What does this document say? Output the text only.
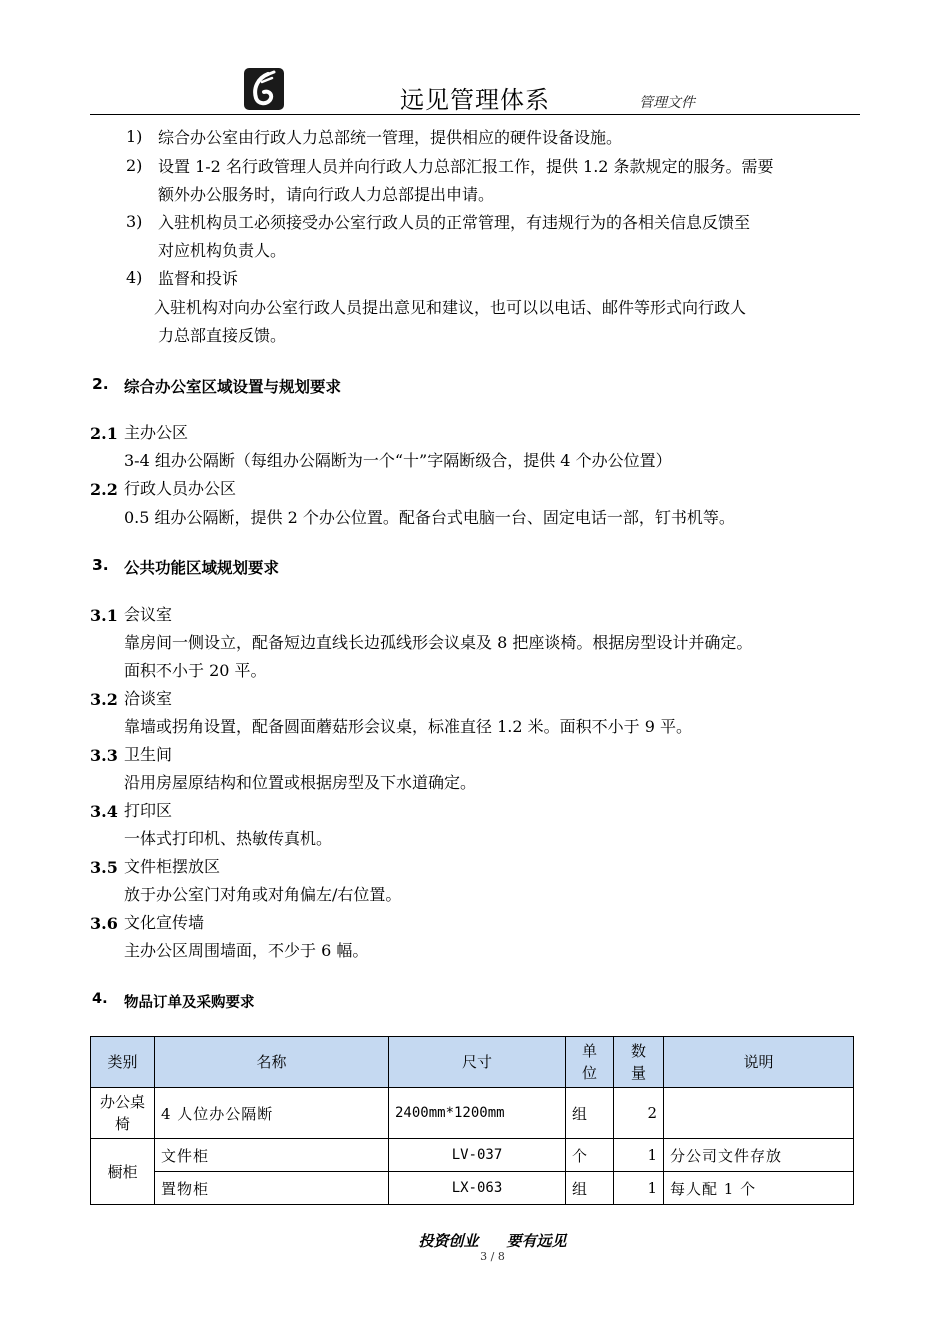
远见管理体系	管理文件
1) 综合办公室由行政人力总部统一管理，提供相应的硬件设备设施。
2) 设置 1-2 名行政管理人员并向行政人力总部汇报工作，提供 1.2 条款规定的服务。需要
额外办公服务时，请向行政人力总部提出申请。
3) 入驻机构员工必须接受办公室行政人员的正常管理，有违规行为的各相关信息反馈至
对应机构负责人。
4) 监督和投诉
入驻机构对向办公室行政人员提出意见和建议，也可以以电话、邮件等形式向行政人
力总部直接反馈。
2. 综合办公室区域设置与规划要求
2.1 主办公区
3-4 组办公隔断（每组办公隔断为一个“十”字隔断级合，提供 4 个办公位置）
2.2 行政人员办公区
0.5 组办公隔断，提供 2 个办公位置。配备台式电脑一台、固定电话一部，钉书机等。
3. 公共功能区域规划要求
3.1 会议室
靠房间一侧设立，配备短边直线长边孤线形会议桌及 8 把座谈椅。根据房型设计并确定。
面积不小于 20 平。
3.2 洽谈室
靠墙或拐角设置，配备圆面蘑菇形会议桌，标准直径 1.2 米。面积不小于 9 平。
3.3 卫生间
沿用房屋原结构和位置或根据房型及下水道确定。
3.4 打印区
一体式打印机、热敏传真机。
3.5 文件柜摆放区
放于办公室门对角或对角偏左/右位置。
3.6 文化宣传墙
主办公区周围墙面，不少于 6 幅。
4. 物品订单及采购要求
类别	名称	尺寸	单位	数量	说明
办公桌椅	4 人位办公隔断	2400mm*1200mm	组	2	
橱柜	文件柜	LV-037	个	1	分公司文件存放
	置物柜	LX-063	组	1	每人配 1 个
投资创业 要有远见
3 / 8
